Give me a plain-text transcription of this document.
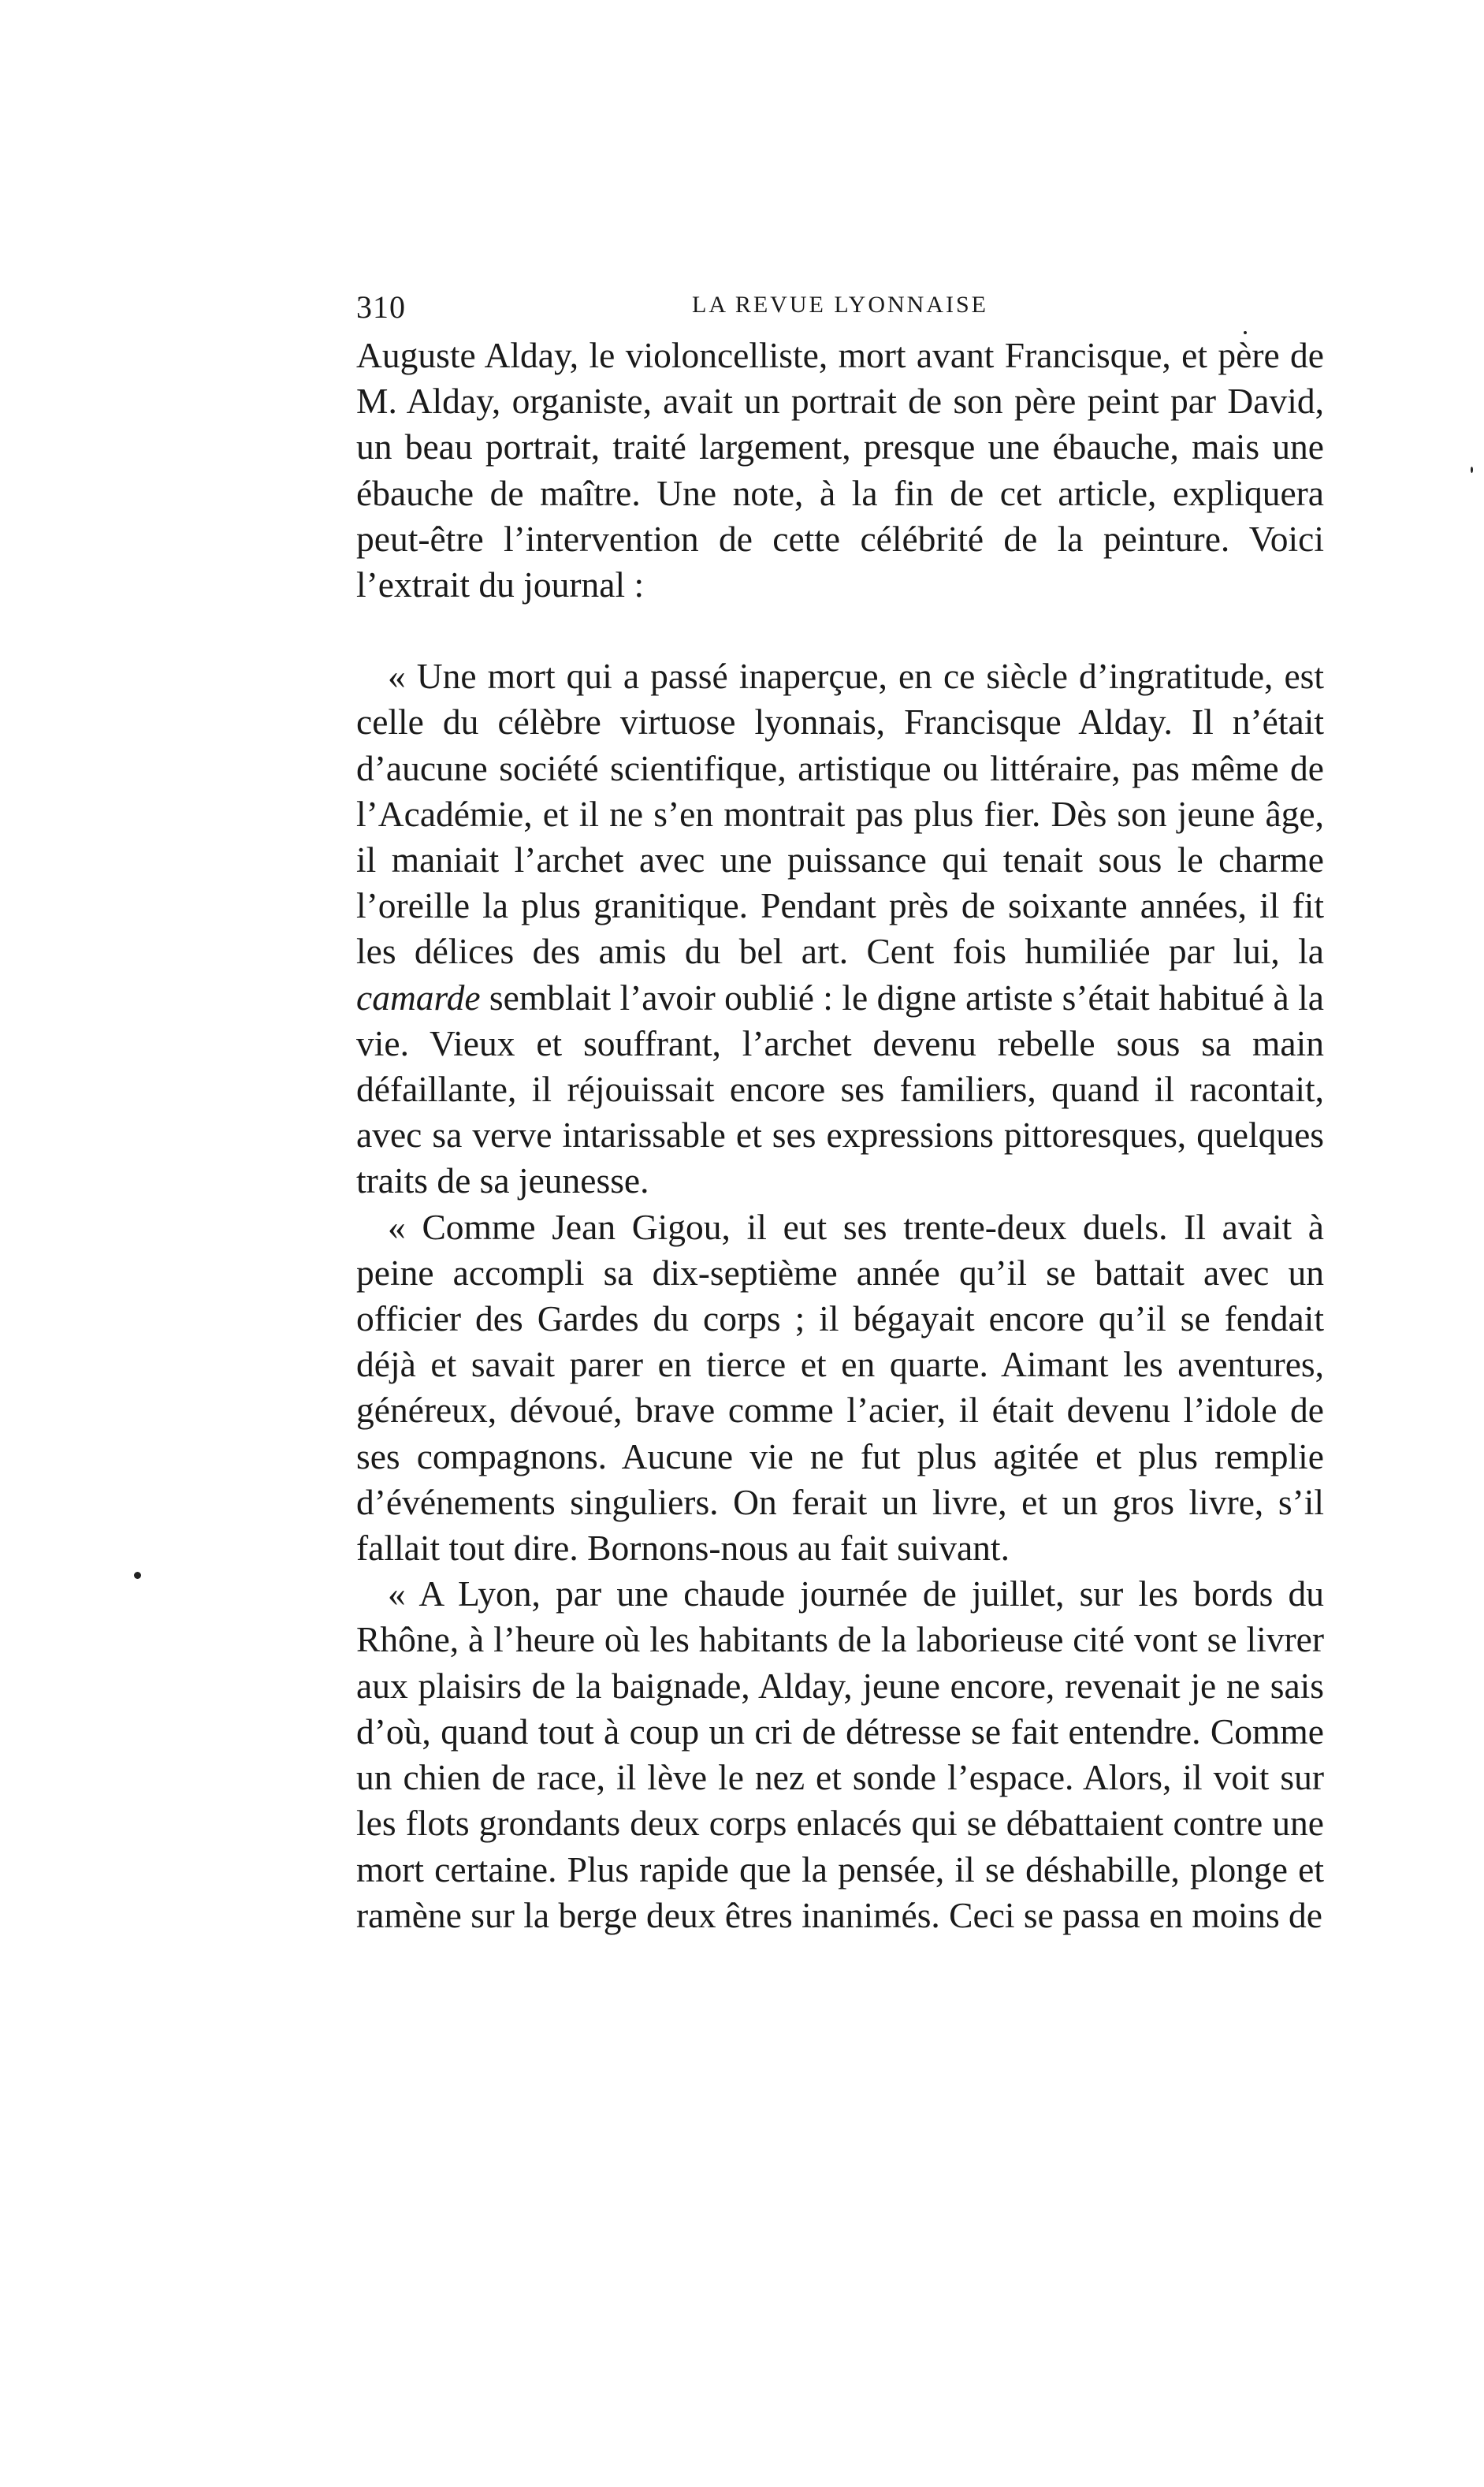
310	LA REVUE LYONNAISE

Auguste Alday, le violoncelliste, mort avant Francisque, et père de M. Alday, organiste, avait un portrait de son père peint par David, un beau portrait, traité largement, presque une ébauche, mais une ébauche de maître. Une note, à la fin de cet article, expliquera peut-être l’intervention de cette célébrité de la peinture. Voici l’extrait du journal :

« Une mort qui a passé inaperçue, en ce siècle d’ingratitude, est celle du célèbre virtuose lyonnais, Francisque Alday. Il n’était d’aucune société scientifique, artistique ou littéraire, pas même de l’Académie, et il ne s’en montrait pas plus fier. Dès son jeune âge, il maniait l’archet avec une puissance qui tenait sous le charme l’oreille la plus granitique. Pendant près de soixante années, il fit les délices des amis du bel art. Cent fois humiliée par lui, la camarde semblait l’avoir oublié : le digne artiste s’était habitué à la vie. Vieux et souffrant, l’archet devenu rebelle sous sa main défaillante, il réjouissait encore ses familiers, quand il racontait, avec sa verve intarissable et ses expressions pittoresques, quelques traits de sa jeunesse.

« Comme Jean Gigou, il eut ses trente-deux duels. Il avait à peine accompli sa dix-septième année qu’il se battait avec un officier des Gardes du corps ; il bégayait encore qu’il se fendait déjà et savait parer en tierce et en quarte. Aimant les aventures, généreux, dévoué, brave comme l’acier, il était devenu l’idole de ses compagnons. Aucune vie ne fut plus agitée et plus remplie d’événements singuliers. On ferait un livre, et un gros livre, s’il fallait tout dire. Bornons-nous au fait suivant.

« A Lyon, par une chaude journée de juillet, sur les bords du Rhône, à l’heure où les habitants de la laborieuse cité vont se livrer aux plaisirs de la baignade, Alday, jeune encore, revenait je ne sais d’où, quand tout à coup un cri de détresse se fait entendre. Comme un chien de race, il lève le nez et sonde l’espace. Alors, il voit sur les flots grondants deux corps enlacés qui se débattaient contre une mort certaine. Plus rapide que la pensée, il se déshabille, plonge et ramène sur la berge deux êtres inanimés. Ceci se passa en moins de
